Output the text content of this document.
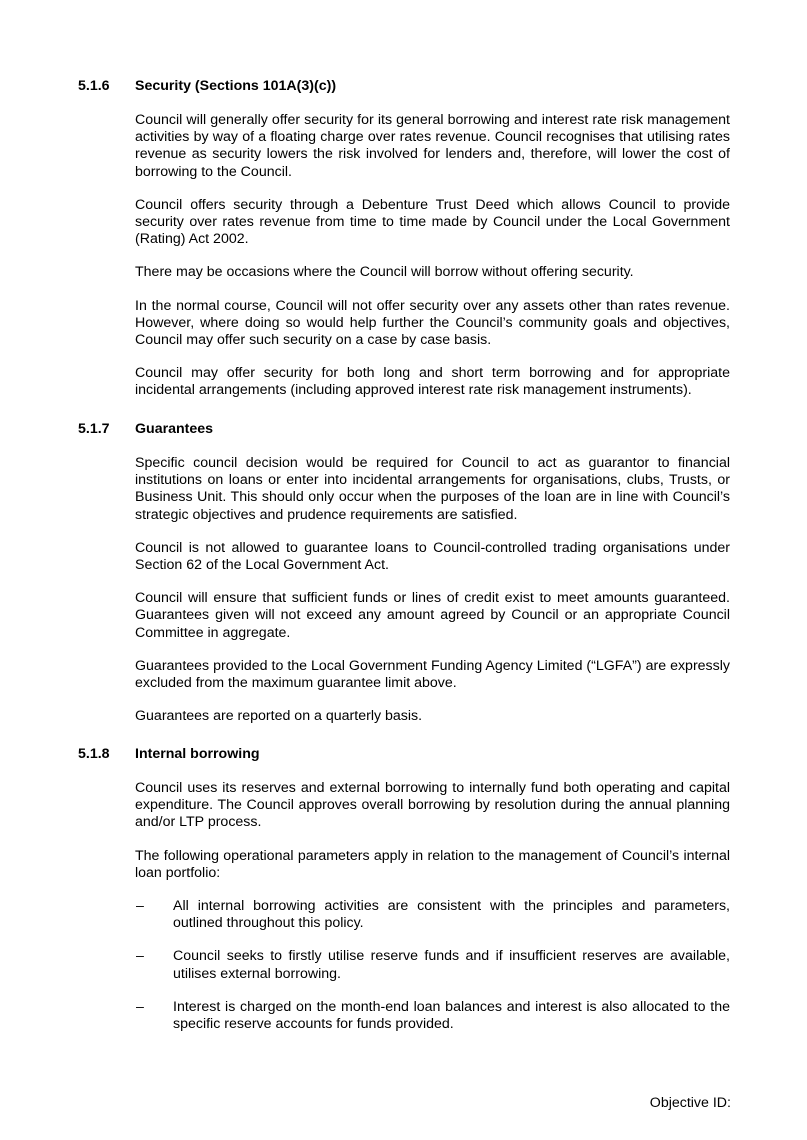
5.1.6 Security (Sections 101A(3)(c))

Council will generally offer security for its general borrowing and interest rate risk management activities by way of a floating charge over rates revenue. Council recognises that utilising rates revenue as security lowers the risk involved for lenders and, therefore, will lower the cost of borrowing to the Council.

Council offers security through a Debenture Trust Deed which allows Council to provide security over rates revenue from time to time made by Council under the Local Government (Rating) Act 2002.

There may be occasions where the Council will borrow without offering security.

In the normal course, Council will not offer security over any assets other than rates revenue. However, where doing so would help further the Council’s community goals and objectives, Council may offer such security on a case by case basis.

Council may offer security for both long and short term borrowing and for appropriate incidental arrangements (including approved interest rate risk management instruments).

5.1.7 Guarantees

Specific council decision would be required for Council to act as guarantor to financial institutions on loans or enter into incidental arrangements for organisations, clubs, Trusts, or Business Unit. This should only occur when the purposes of the loan are in line with Council’s strategic objectives and prudence requirements are satisfied.

Council is not allowed to guarantee loans to Council-controlled trading organisations under Section 62 of the Local Government Act.

Council will ensure that sufficient funds or lines of credit exist to meet amounts guaranteed. Guarantees given will not exceed any amount agreed by Council or an appropriate Council Committee in aggregate.

Guarantees provided to the Local Government Funding Agency Limited (“LGFA”) are expressly excluded from the maximum guarantee limit above.

Guarantees are reported on a quarterly basis.

5.1.8 Internal borrowing

Council uses its reserves and external borrowing to internally fund both operating and capital expenditure. The Council approves overall borrowing by resolution during the annual planning and/or LTP process.

The following operational parameters apply in relation to the management of Council’s internal loan portfolio:

– All internal borrowing activities are consistent with the principles and parameters, outlined throughout this policy.
– Council seeks to firstly utilise reserve funds and if insufficient reserves are available, utilises external borrowing.
– Interest is charged on the month-end loan balances and interest is also allocated to the specific reserve accounts for funds provided.
Objective ID:
